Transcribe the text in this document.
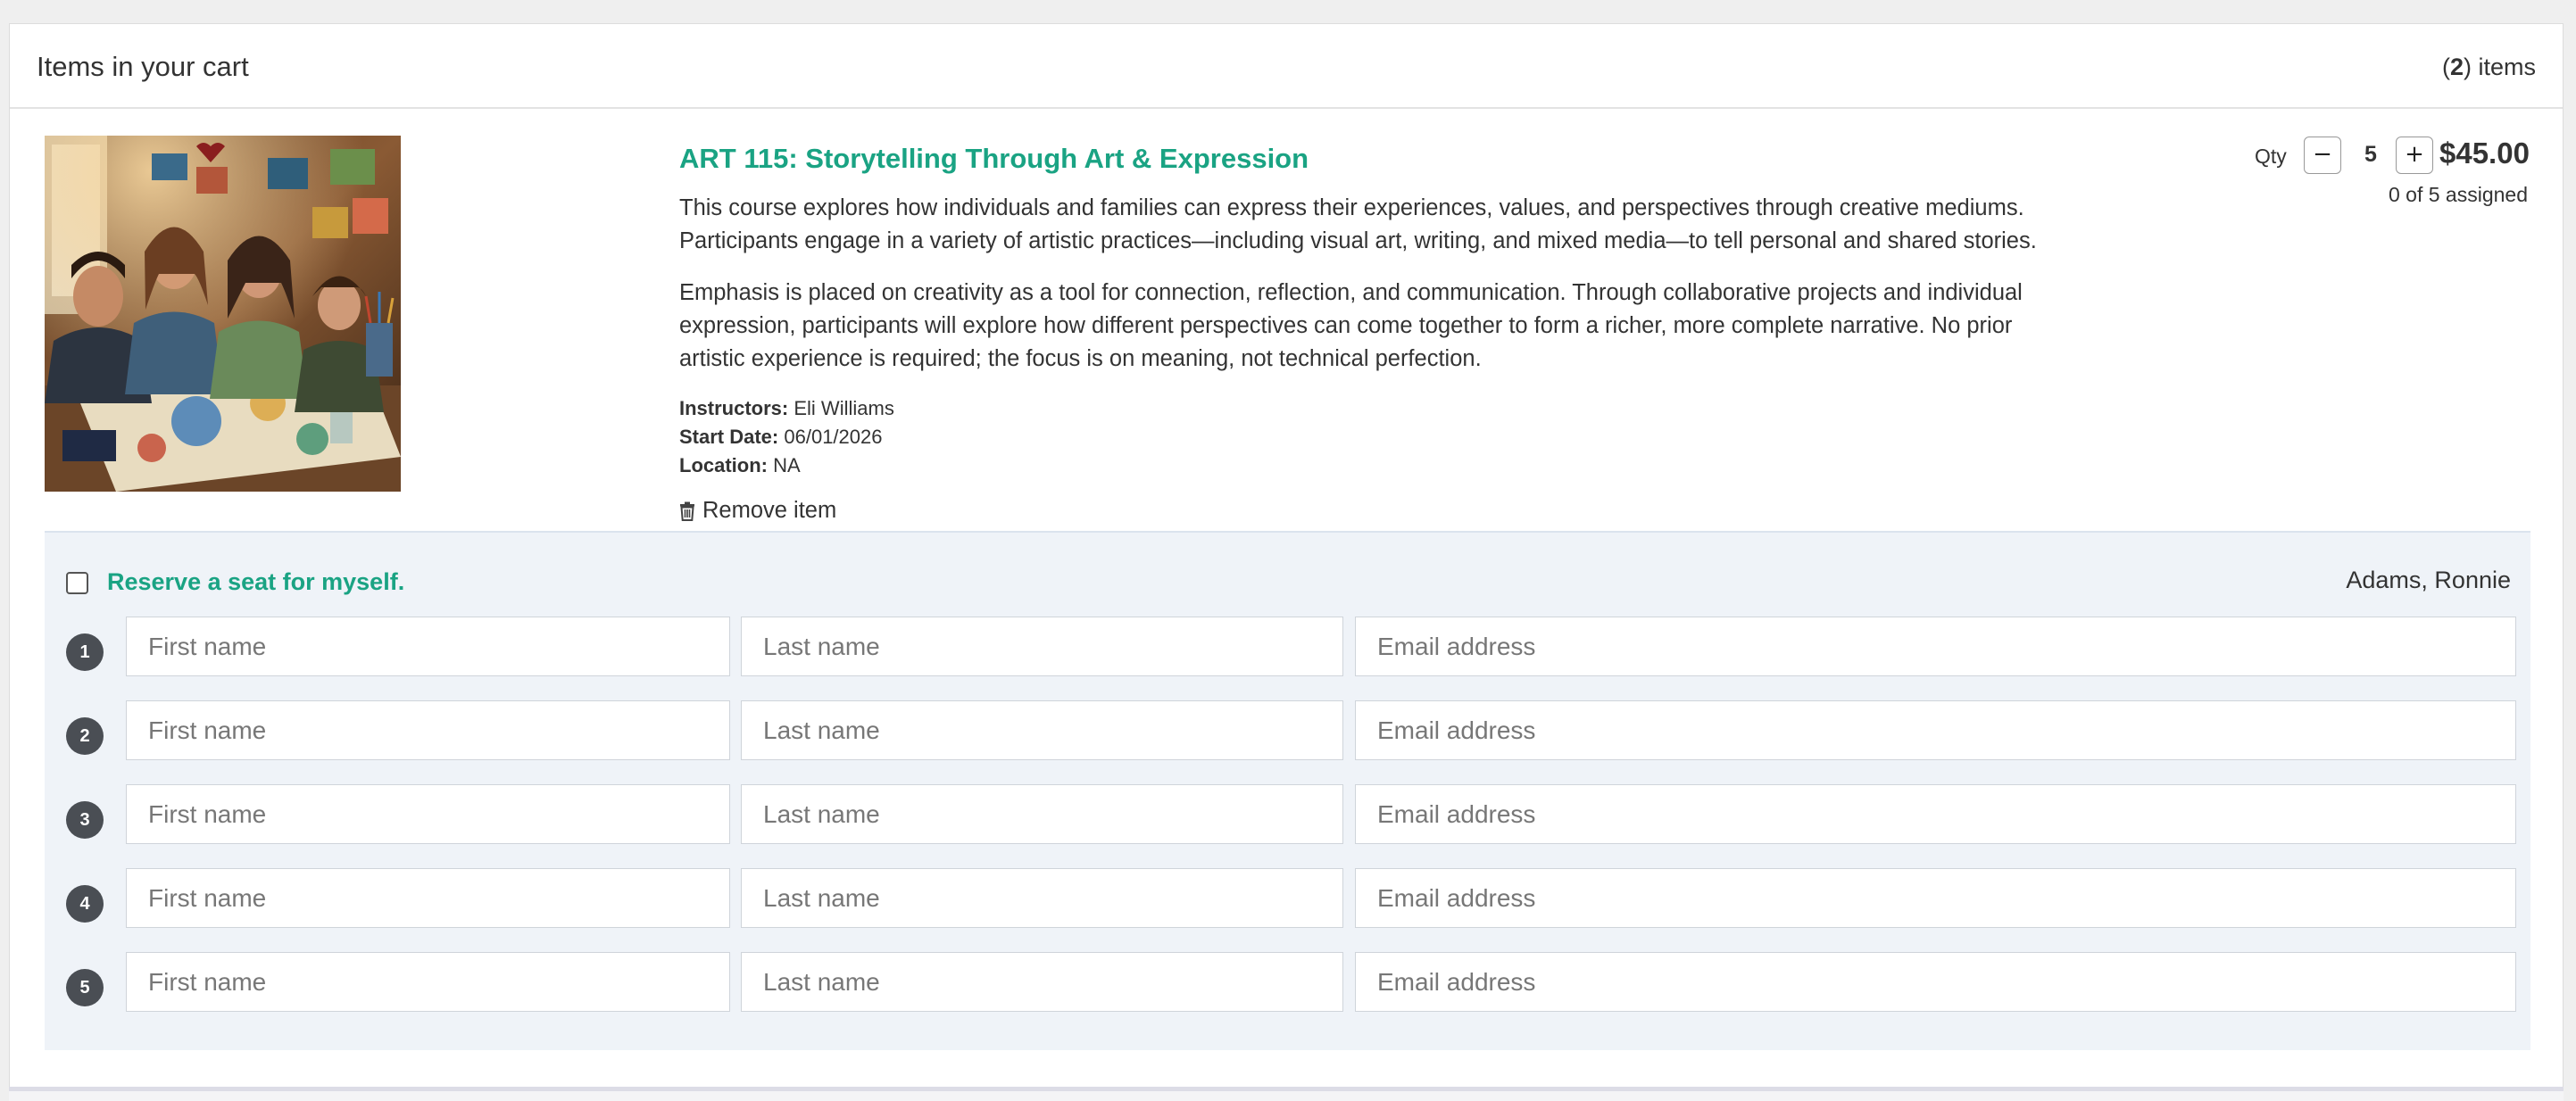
Items in your cart	(2) items
ART 115: Storytelling Through Art & Expression
This course explores how individuals and families can express their experiences, values, and perspectives through creative mediums. Participants engage in a variety of artistic practices—including visual art, writing, and mixed media—to tell personal and shared stories.
Emphasis is placed on creativity as a tool for connection, reflection, and communication. Through collaborative projects and individual expression, participants will explore how different perspectives can come together to form a richer, more complete narrative. No prior artistic experience is required; the focus is on meaning, not technical perfection.
Instructors: Eli Williams
Start Date: 06/01/2026
Location: NA
Remove item
Qty	−	5	+ $45.00
0 of 5 assigned
Reserve a seat for myself.	Adams, Ronnie
1
First name
Last name
Email address
2
First name
Last name
Email address
3
First name
Last name
Email address
4
First name
Last name
Email address
5
First name
Last name
Email address
